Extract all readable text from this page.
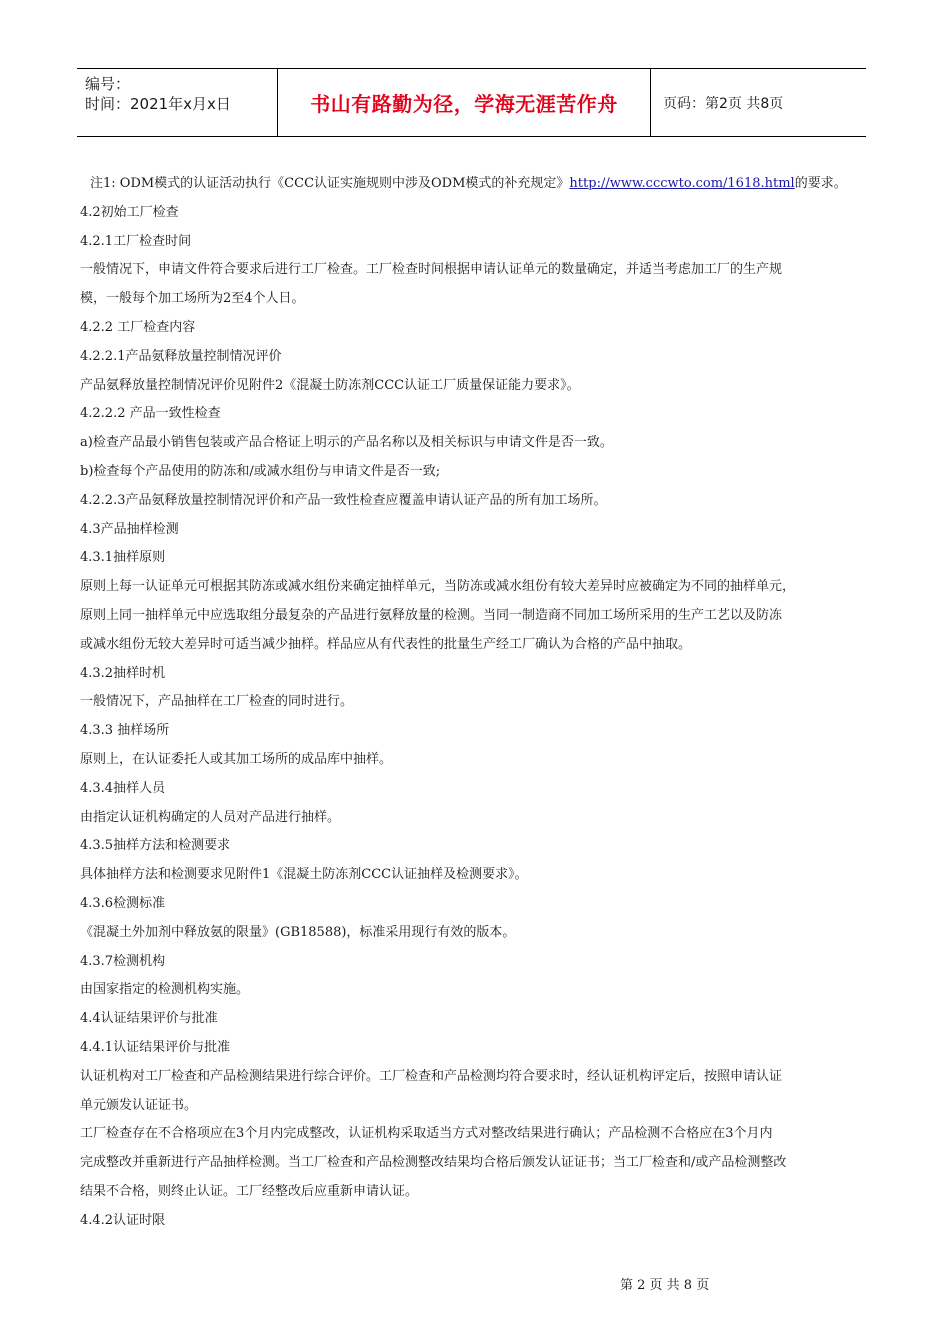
编号：
时间：2021年x月x日	书山有路勤为径，学海无涯苦作舟	页码：第2页 共8页

注1: ODM模式的认证活动执行《CCC认证实施规则中涉及ODM模式的补充规定》http://www.cccwto.com/1618.html的要求。

4.2初始工厂检查

4.2.1工厂检查时间

一般情况下，申请文件符合要求后进行工厂检查。工厂检查时间根据申请认证单元的数量确定，并适当考虑加工厂的生产规

模，一般每个加工场所为2至4个人日。

4.2.2 工厂检查内容

4.2.2.1产品氨释放量控制情况评价

产品氨释放量控制情况评价见附件2《混凝土防冻剂CCC认证工厂质量保证能力要求》。

4.2.2.2 产品一致性检查

a)检查产品最小销售包装或产品合格证上明示的产品名称以及相关标识与申请文件是否一致。

b)检查每个产品使用的防冻和/或减水组份与申请文件是否一致;

4.2.2.3产品氨释放量控制情况评价和产品一致性检查应覆盖申请认证产品的所有加工场所。

4.3产品抽样检测

4.3.1抽样原则

原则上每一认证单元可根据其防冻或减水组份来确定抽样单元，当防冻或减水组份有较大差异时应被确定为不同的抽样单元，

原则上同一抽样单元中应选取组分最复杂的产品进行氨释放量的检测。当同一制造商不同加工场所采用的生产工艺以及防冻

或减水组份无较大差异时可适当减少抽样。样品应从有代表性的批量生产经工厂确认为合格的产品中抽取。

4.3.2抽样时机

一般情况下，产品抽样在工厂检查的同时进行。

4.3.3 抽样场所

原则上，在认证委托人或其加工场所的成品库中抽样。

4.3.4抽样人员

由指定认证机构确定的人员对产品进行抽样。

4.3.5抽样方法和检测要求

具体抽样方法和检测要求见附件1《混凝土防冻剂CCC认证抽样及检测要求》。

4.3.6检测标准

《混凝土外加剂中释放氨的限量》(GB18588)，标准采用现行有效的版本。

4.3.7检测机构

由国家指定的检测机构实施。

4.4认证结果评价与批准

4.4.1认证结果评价与批准

认证机构对工厂检查和产品检测结果进行综合评价。工厂检查和产品检测均符合要求时，经认证机构评定后，按照申请认证

单元颁发认证证书。

工厂检查存在不合格项应在3个月内完成整改，认证机构采取适当方式对整改结果进行确认；产品检测不合格应在3个月内

完成整改并重新进行产品抽样检测。当工厂检查和产品检测整改结果均合格后颁发认证证书；当工厂检查和/或产品检测整改

结果不合格，则终止认证。工厂经整改后应重新申请认证。

4.4.2认证时限

第 2 页 共 8 页
